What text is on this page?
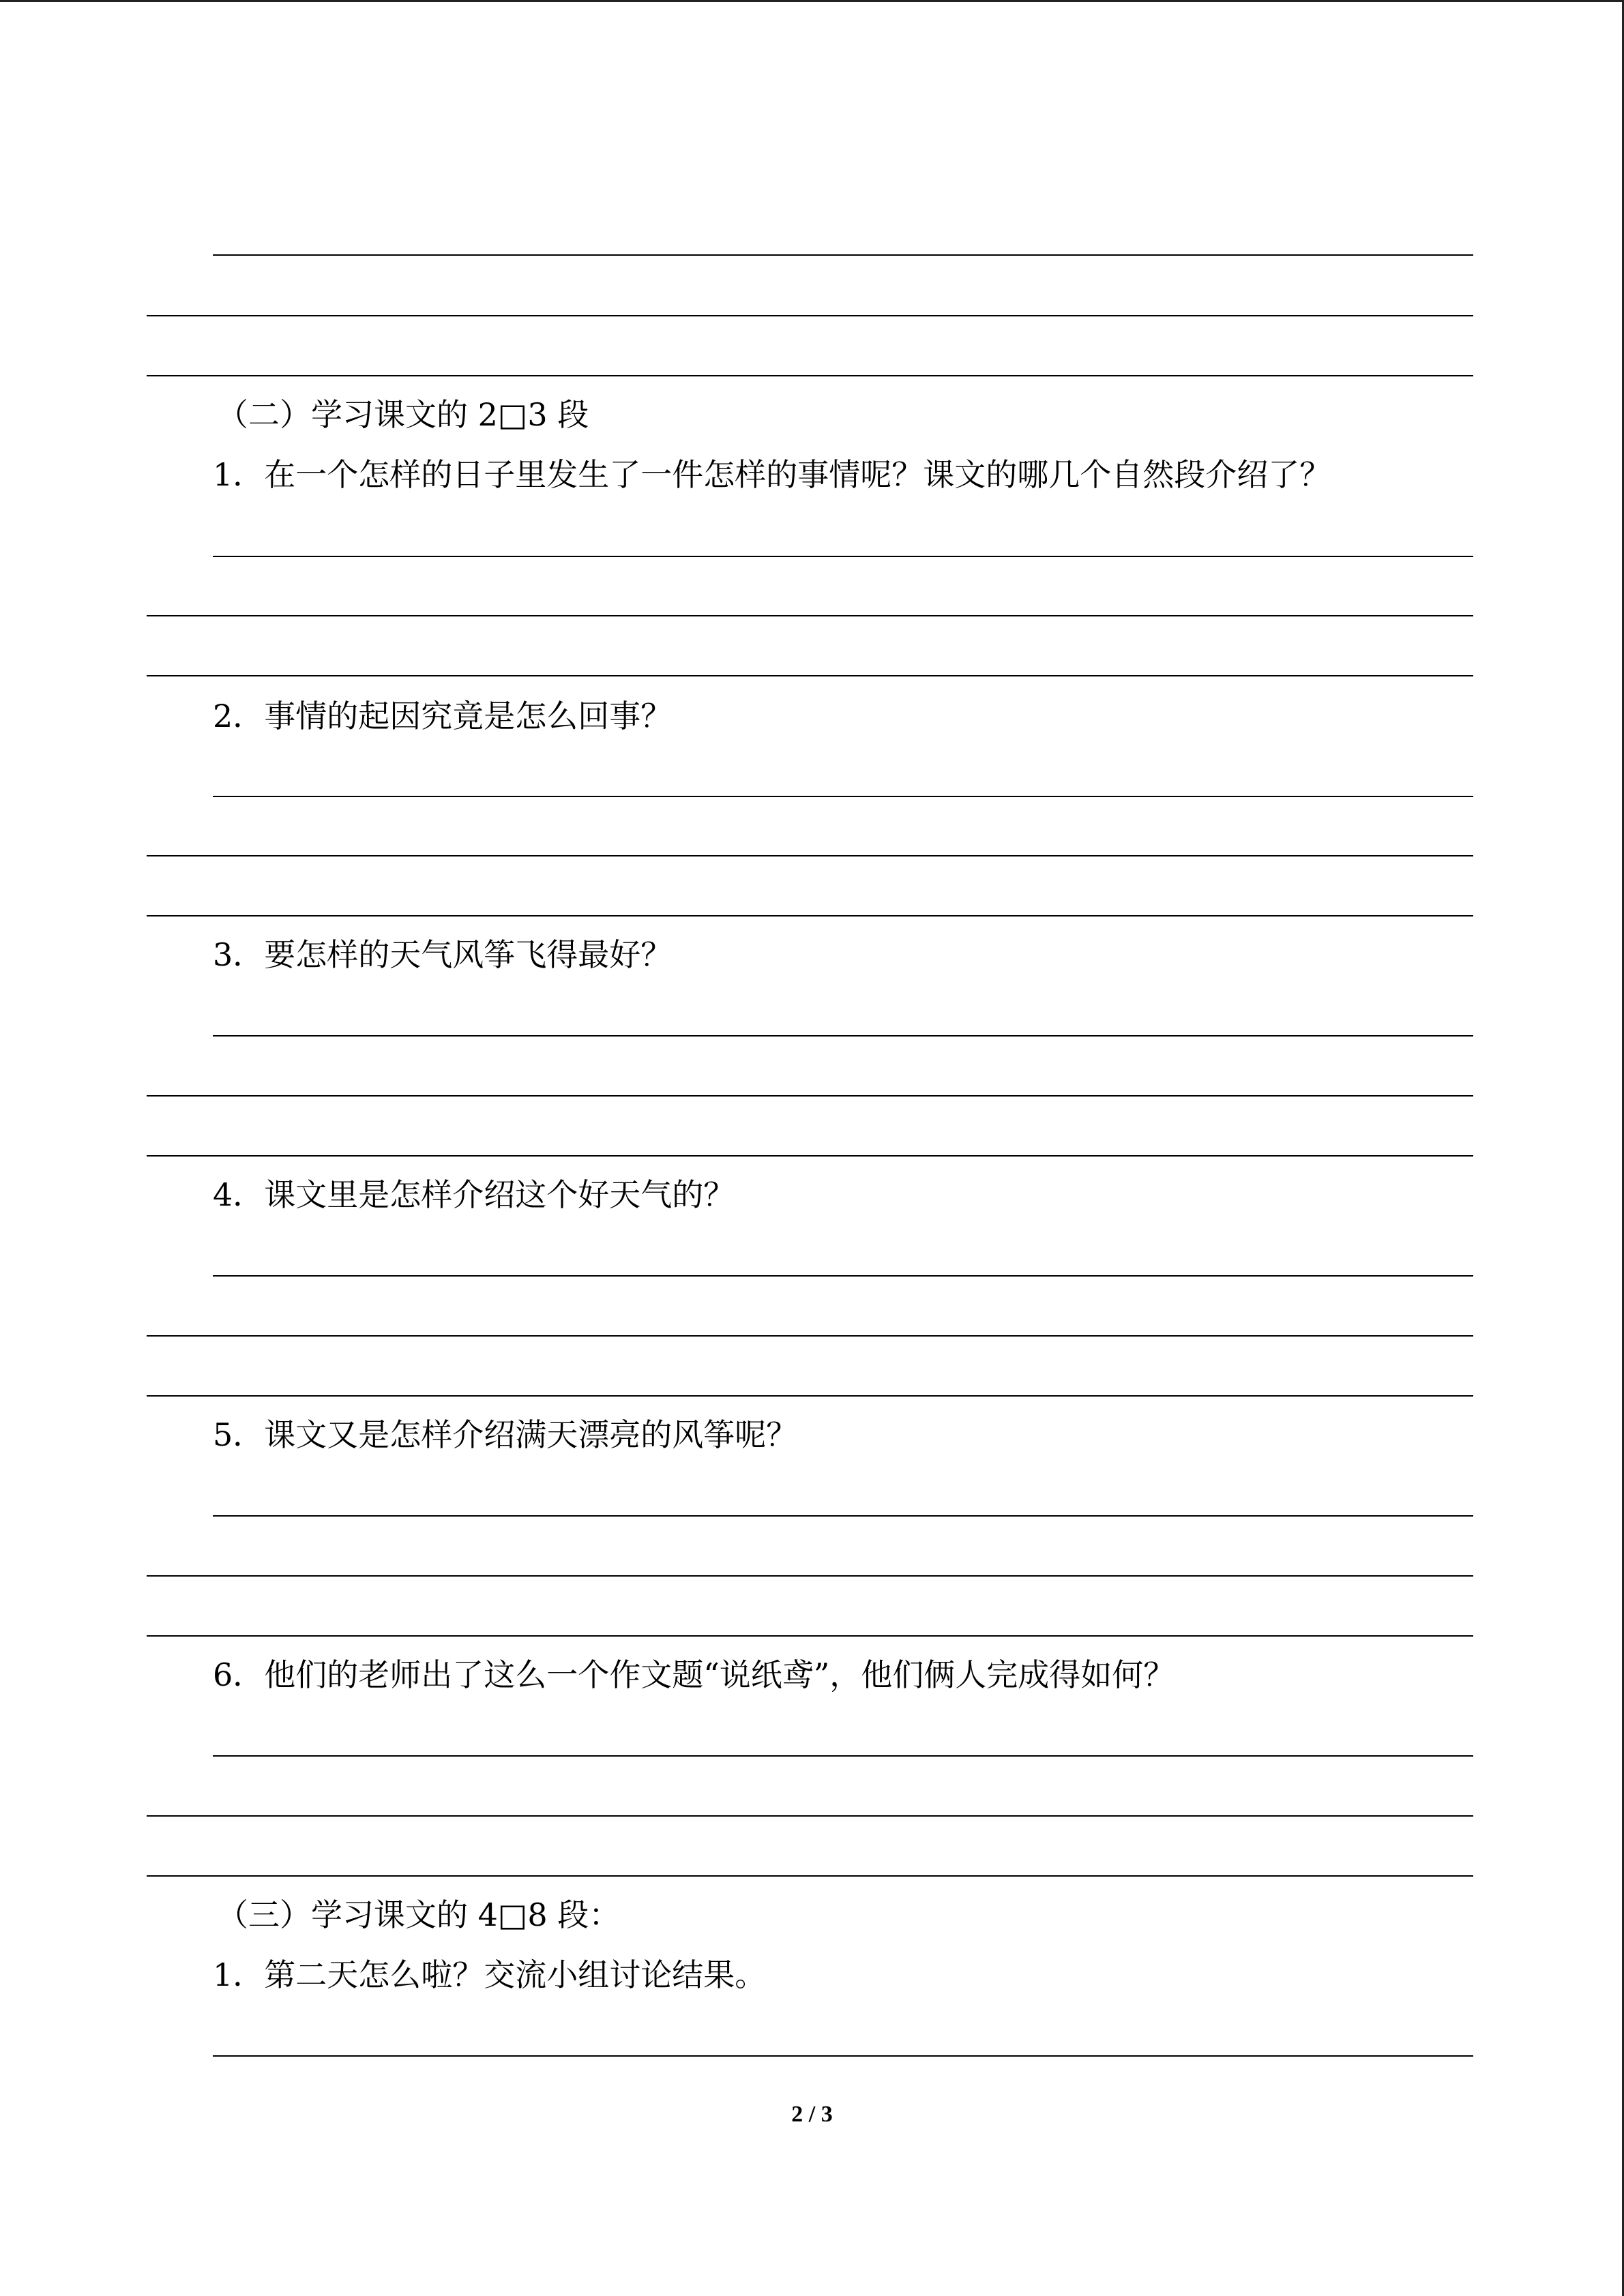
（二）学习课文的 2□3 段
1．在一个怎样的日子里发生了一件怎样的事情呢？课文的哪几个自然段介绍了？
2．事情的起因究竟是怎么回事？
3．要怎样的天气风筝飞得最好？
4．课文里是怎样介绍这个好天气的？
5．课文又是怎样介绍满天漂亮的风筝呢？
6．他们的老师出了这么一个作文题“说纸鸢”，他们俩人完成得如何？
（三）学习课文的 4□8 段：
1．第二天怎么啦？交流小组讨论结果。
2 / 3
